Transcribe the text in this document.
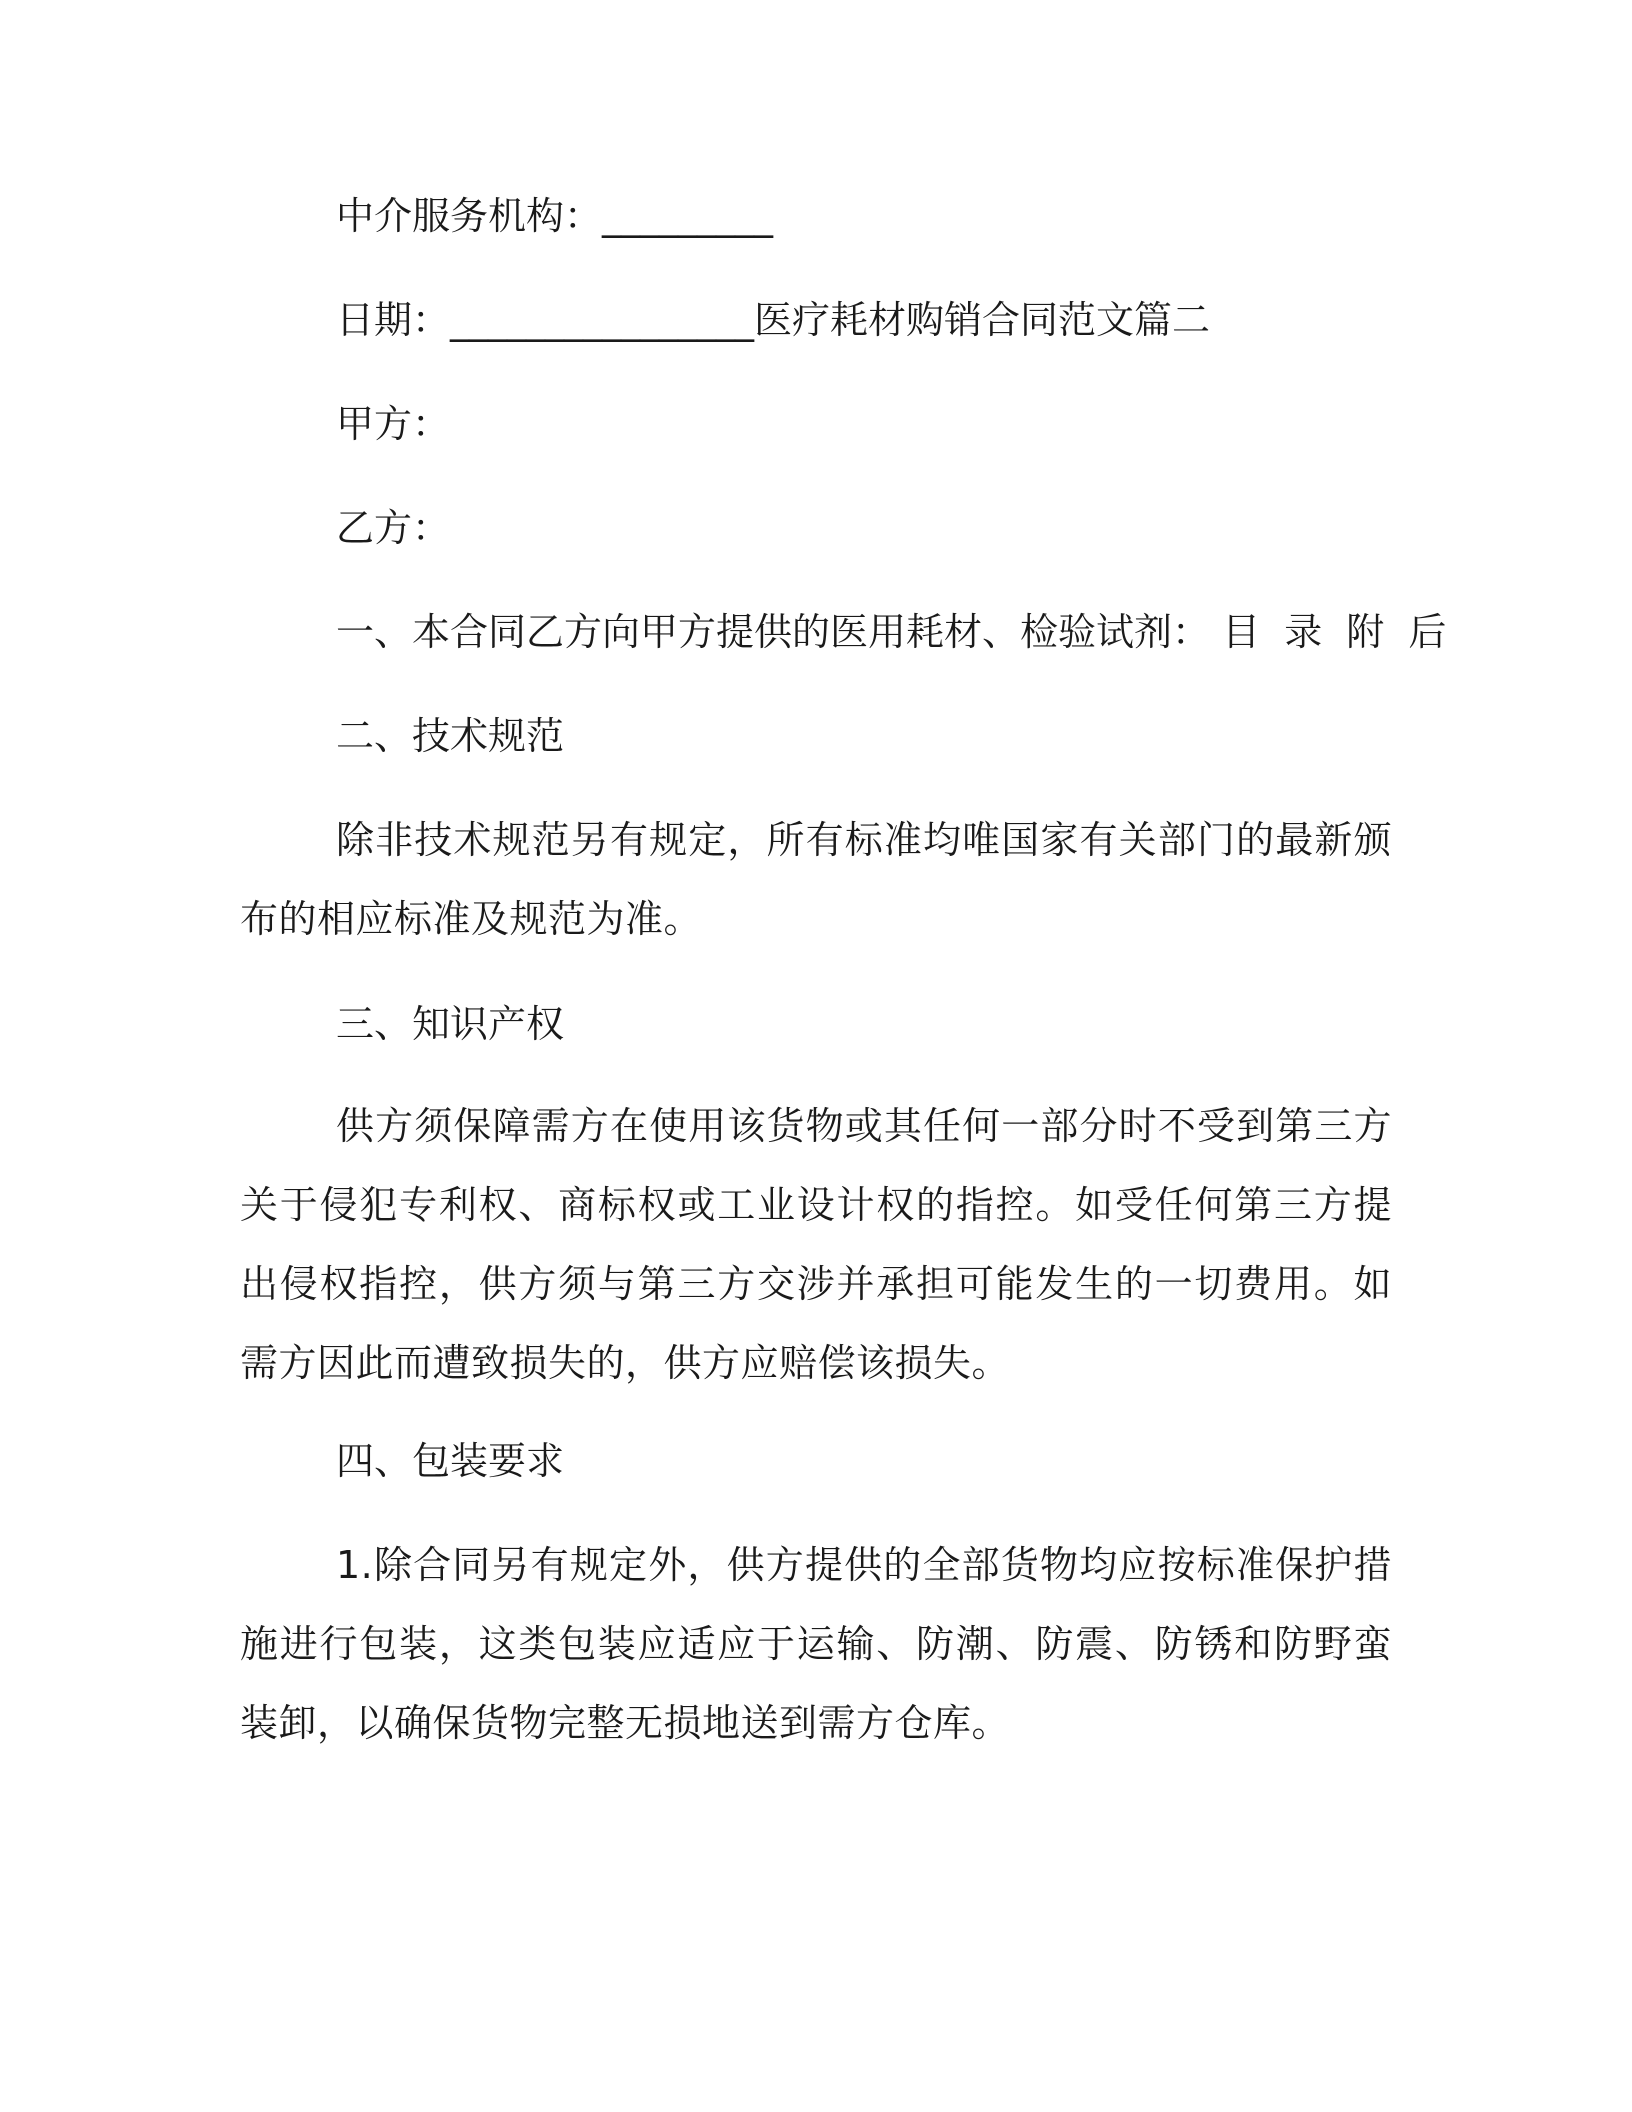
中介服务机构：_________
日期：________________医疗耗材购销合同范文篇二
甲方：
乙方：
一、本合同乙方向甲方提供的医用耗材、检验试剂： 目 录 附 后
二、技术规范
除非技术规范另有规定，所有标准均唯国家有关部门的最新颁布的相应标准及规范为准。
三、知识产权
供方须保障需方在使用该货物或其任何一部分时不受到第三方关于侵犯专利权、商标权或工业设计权的指控。如受任何第三方提出侵权指控，供方须与第三方交涉并承担可能发生的一切费用。如需方因此而遭致损失的，供方应赔偿该损失。
四、包装要求
1.除合同另有规定外，供方提供的全部货物均应按标准保护措施进行包装，这类包装应适应于运输、防潮、防震、防锈和防野蛮装卸，以确保货物完整无损地送到需方仓库。
